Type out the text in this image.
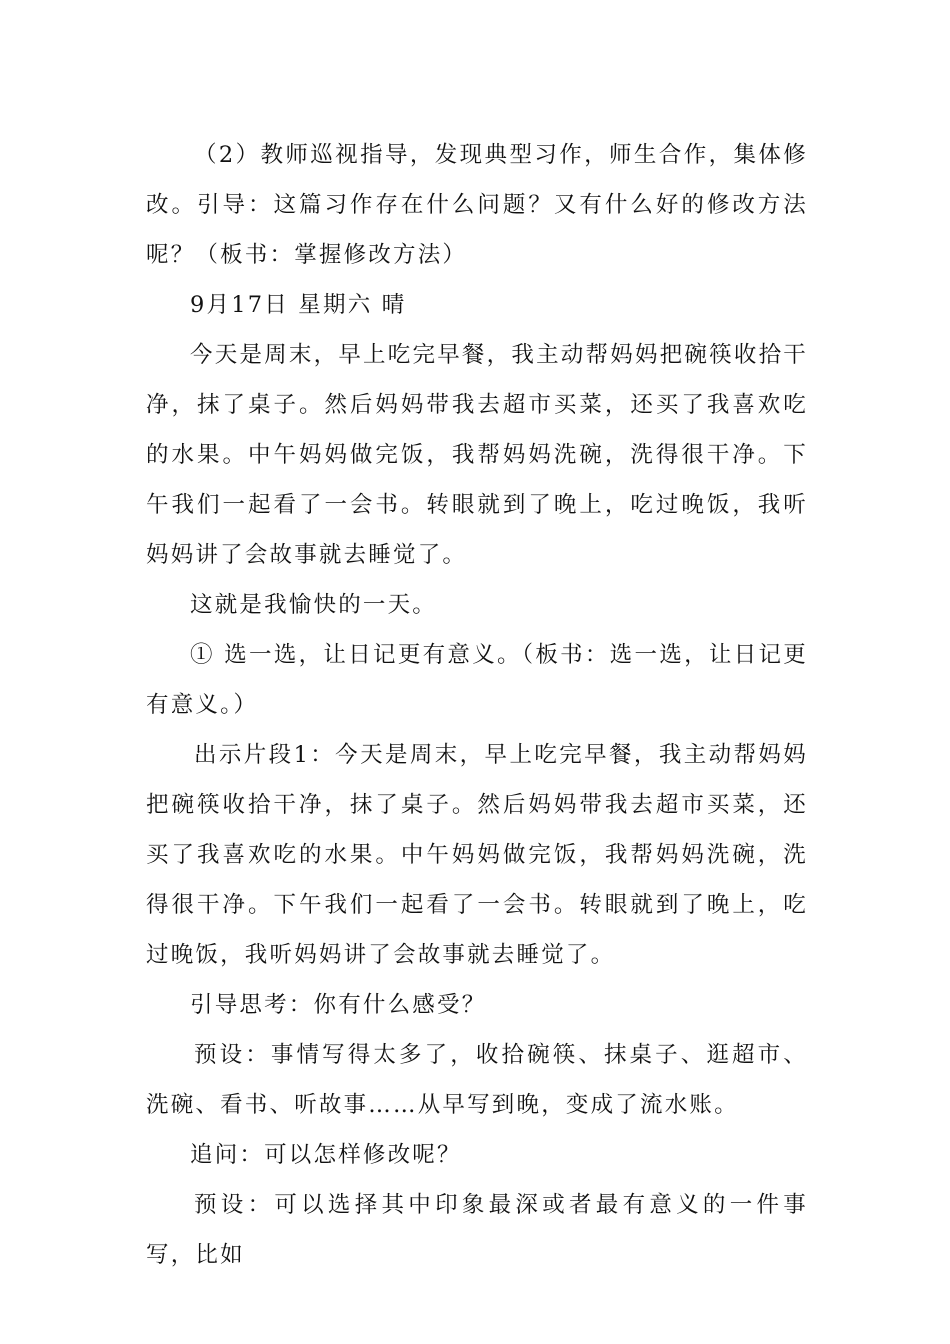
（2）教师巡视指导，发现典型习作，师生合作，集体修改。引导：这篇习作存在什么问题？又有什么好的修改方法呢？（板书：掌握修改方法）

9月17日 星期六 晴

今天是周末，早上吃完早餐，我主动帮妈妈把碗筷收拾干净，抹了桌子。然后妈妈带我去超市买菜，还买了我喜欢吃的水果。中午妈妈做完饭，我帮妈妈洗碗，洗得很干净。下午我们一起看了一会书。转眼就到了晚上，吃过晚饭，我听妈妈讲了会故事就去睡觉了。

这就是我愉快的一天。

① 选一选，让日记更有意义。（板书：选一选，让日记更有意义。）

出示片段1：今天是周末，早上吃完早餐，我主动帮妈妈把碗筷收拾干净，抹了桌子。然后妈妈带我去超市买菜，还买了我喜欢吃的水果。中午妈妈做完饭，我帮妈妈洗碗，洗得很干净。下午我们一起看了一会书。转眼就到了晚上，吃过晚饭，我听妈妈讲了会故事就去睡觉了。

引导思考：你有什么感受？

预设：事情写得太多了，收拾碗筷、抹桌子、逛超市、洗碗、看书、听故事……从早写到晚，变成了流水账。

追问：可以怎样修改呢？

预设：可以选择其中印象最深或者最有意义的一件事写，比如
